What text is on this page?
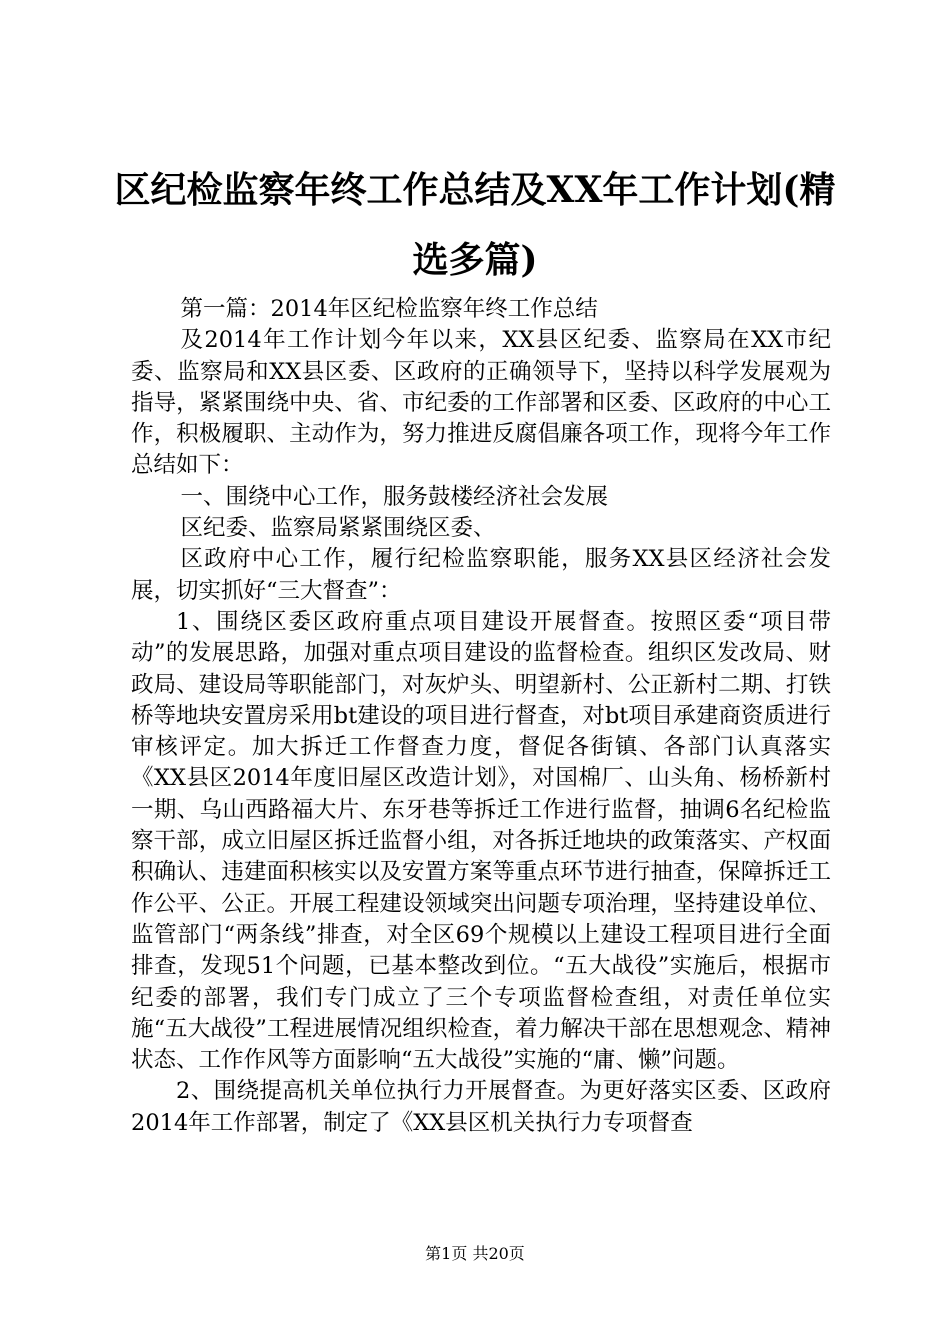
区纪检监察年终工作总结及XX年工作计划(精选多篇)

第一篇：2014年区纪检监察年终工作总结

及2014年工作计划今年以来，XX县区纪委、监察局在XX市纪委、监察局和XX县区委、区政府的正确领导下，坚持以科学发展观为指导，紧紧围绕中央、省、市纪委的工作部署和区委、区政府的中心工作，积极履职、主动作为，努力推进反腐倡廉各项工作，现将今年工作总结如下：

一、围绕中心工作，服务鼓楼经济社会发展

区纪委、监察局紧紧围绕区委、

区政府中心工作，履行纪检监察职能，服务XX县区经济社会发展，切实抓好“三大督查”：

1、围绕区委区政府重点项目建设开展督查。按照区委“项目带动”的发展思路，加强对重点项目建设的监督检查。组织区发改局、财政局、建设局等职能部门，对灰炉头、明望新村、公正新村二期、打铁桥等地块安置房采用bt建设的项目进行督查，对bt项目承建商资质进行审核评定。加大拆迁工作督查力度，督促各街镇、各部门认真落实《XX县区2014年度旧屋区改造计划》，对国棉厂、山头角、杨桥新村一期、乌山西路福大片、东牙巷等拆迁工作进行监督，抽调6名纪检监察干部，成立旧屋区拆迁监督小组，对各拆迁地块的政策落实、产权面积确认、违建面积核实以及安置方案等重点环节进行抽查，保障拆迁工作公平、公正。开展工程建设领域突出问题专项治理，坚持建设单位、监管部门“两条线”排查，对全区69个规模以上建设工程项目进行全面排查，发现51个问题，已基本整改到位。“五大战役”实施后，根据市纪委的部署，我们专门成立了三个专项监督检查组，对责任单位实施“五大战役”工程进展情况组织检查，着力解决干部在思想观念、精神状态、工作作风等方面影响“五大战役”实施的“庸、懒”问题。

2、围绕提高机关单位执行力开展督查。为更好落实区委、区政府2014年工作部署，制定了《XX县区机关执行力专项督查

第1页 共20页
